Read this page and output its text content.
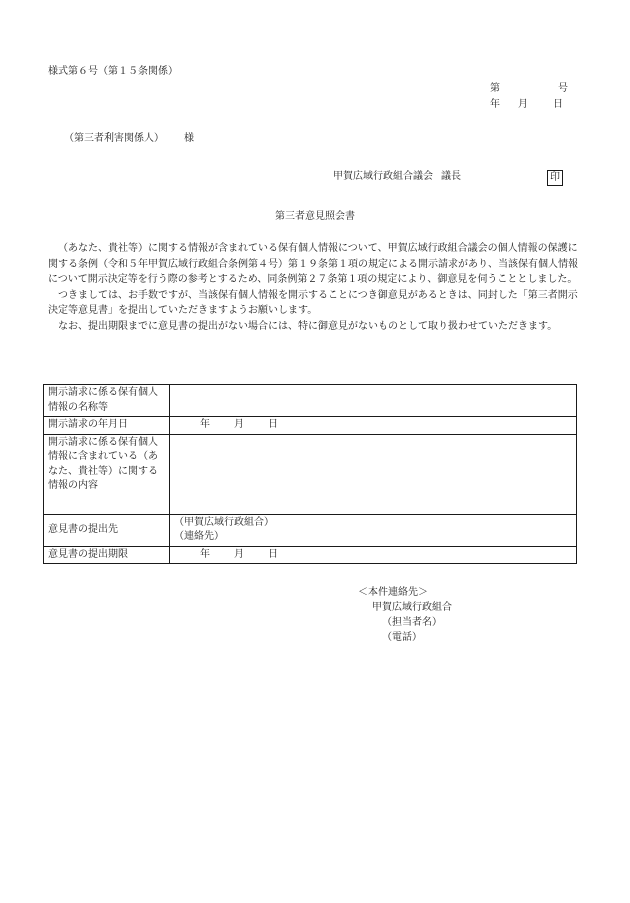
様式第６号（第１５条関係）
第	号
年 月	日
（第三者利害関係人） 様
甲賀広域行政組合議会 議長	印
第三者意見照会書

（あなた、貴社等）に関する情報が含まれている保有個人情報について、甲賀広域行政組合議会の個人情報の保護に関する条例（令和５年甲賀広域行政組合条例第４号）第１９条第１項の規定による開示請求があり、当該保有個人情報について開示決定等を行う際の参考とするため、同条例第２７条第１項の規定により、御意見を伺うこととしました。

つきましては、お手数ですが、当該保有個人情報を開示することにつき御意見があるときは、同封した「第三者開示決定等意見書」を提出していただきますようお願いします。

なお、提出期限までに意見書の提出がない場合には、特に御意見がないものとして取り扱わせていただきます。

開示請求に係る保有個人情報の名称等	
開示請求の年月日	年 月 日
開示請求に係る保有個人情報に含まれている（あなた、貴社等）に関する情報の内容	
意見書の提出先	（甲賀広域行政組合）
（連絡先）

意見書の提出期限	年 月 日
＜本件連絡先＞
甲賀広域行政組合
（担当者名）
（電話）
